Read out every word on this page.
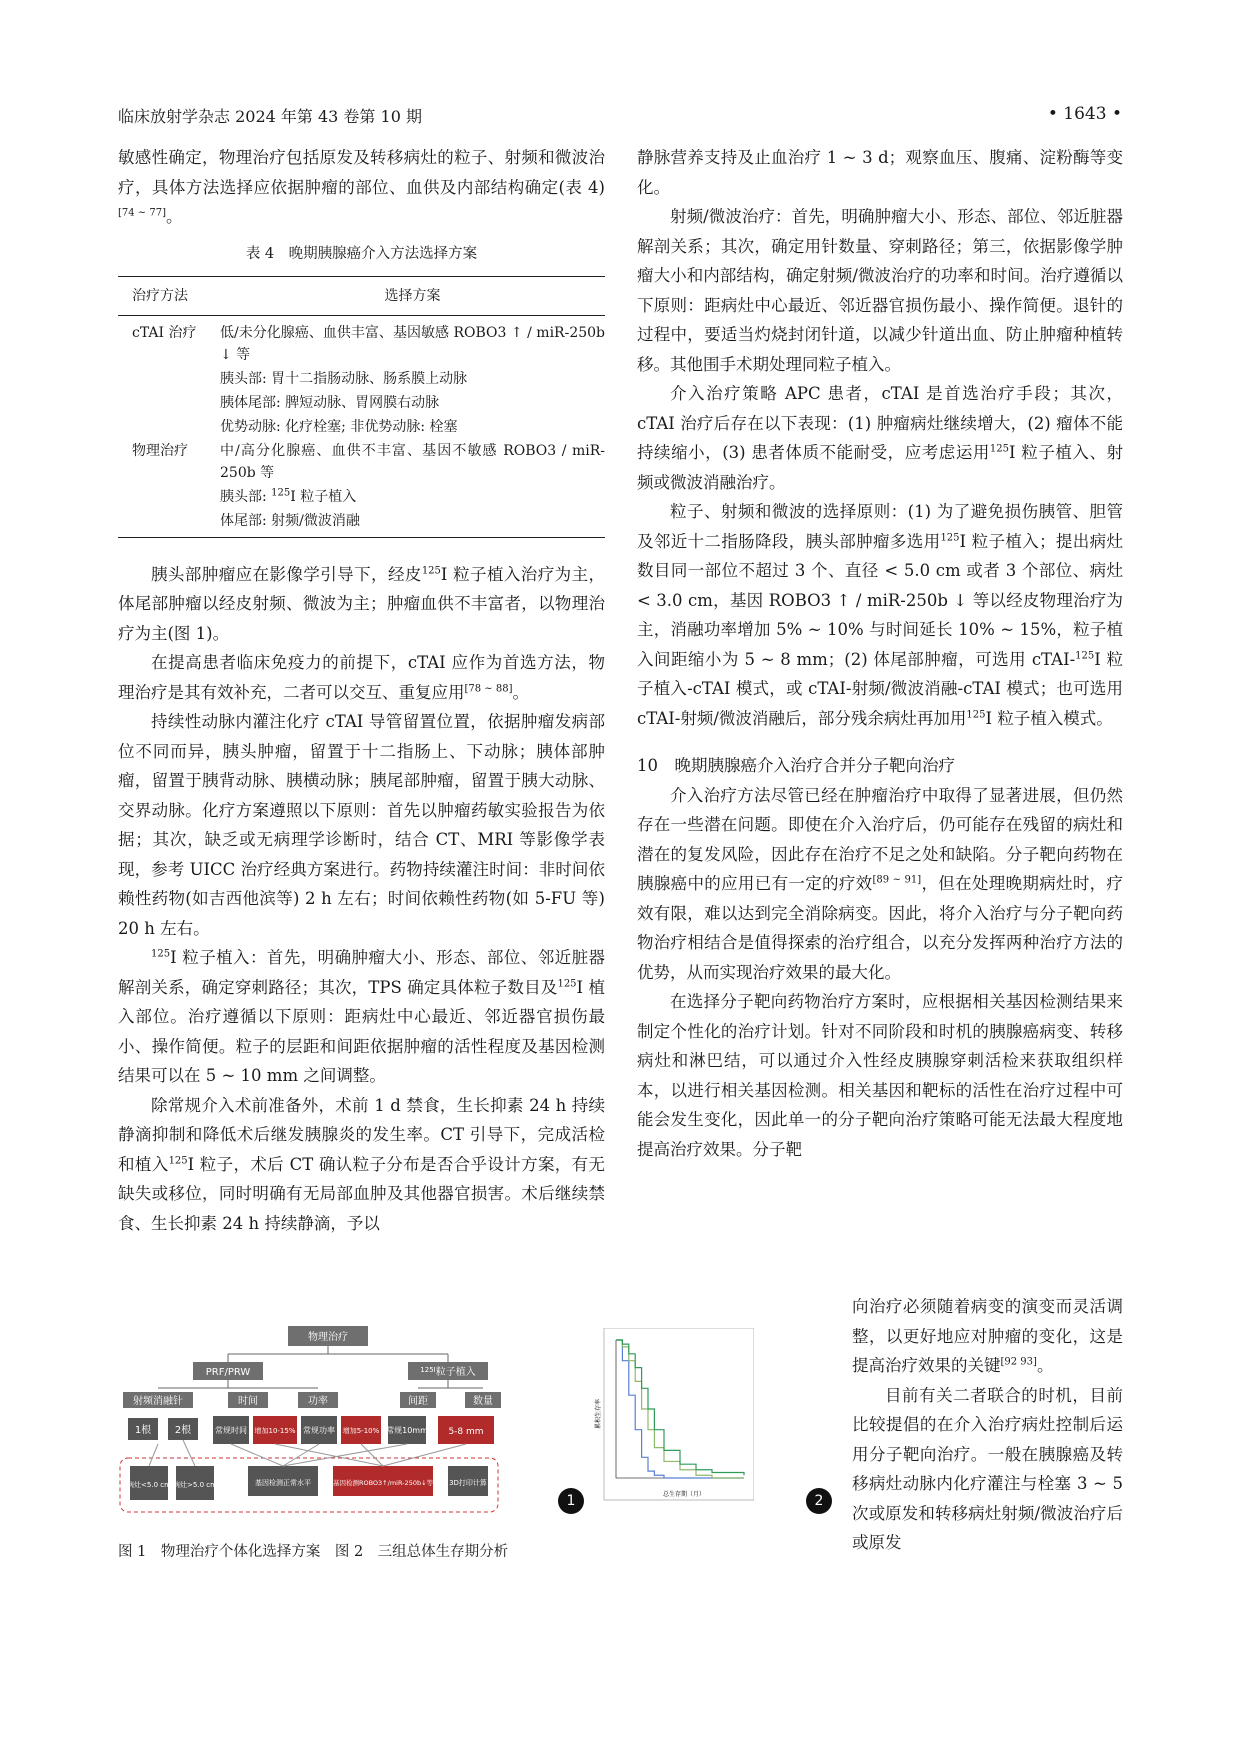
临床放射学杂志 2024 年第 43 卷第 10 期	• 1643 •

敏感性确定，物理治疗包括原发及转移病灶的粒子、射频和微波治疗，具体方法选择应依据肿瘤的部位、血供及内部结构确定(表 4)[74 ~ 77]。

表 4　晚期胰腺癌介入方法选择方案
治疗方法	选择方案
cTAI 治疗	低/未分化腺癌、血供丰富、基因敏感 ROBO3 ↑ / miR-250b ↓ 等
	胰头部: 胃十二指肠动脉、肠系膜上动脉
	胰体尾部: 脾短动脉、胃网膜右动脉
	优势动脉: 化疗栓塞; 非优势动脉: 栓塞
物理治疗	中/高分化腺癌、血供不丰富、基因不敏感 ROBO3 / miR-250b 等
	胰头部: $^{125}$I 粒子植入
	体尾部: 射频/微波消融

胰头部肿瘤应在影像学引导下，经皮$^{125}$I 粒子植入治疗为主，体尾部肿瘤以经皮射频、微波为主；肿瘤血供不丰富者，以物理治疗为主(图 1)。

在提高患者临床免疫力的前提下，cTAI 应作为首选方法，物理治疗是其有效补充，二者可以交互、重复应用[78 ~ 88]。

持续性动脉内灌注化疗 cTAI 导管留置位置，依据肿瘤发病部位不同而异，胰头肿瘤，留置于十二指肠上、下动脉；胰体部肿瘤，留置于胰背动脉、胰横动脉；胰尾部肿瘤，留置于胰大动脉、交界动脉。化疗方案遵照以下原则：首先以肿瘤药敏实验报告为依据；其次，缺乏或无病理学诊断时，结合 CT、MRI 等影像学表现，参考 UICC 治疗经典方案进行。药物持续灌注时间：非时间依赖性药物(如吉西他滨等) 2 h 左右；时间依赖性药物(如 5-FU 等) 20 h 左右。

$^{125}$I 粒子植入：首先，明确肿瘤大小、形态、部位、邻近脏器解剖关系，确定穿刺路径；其次，TPS 确定具体粒子数目及$^{125}$I 植入部位。治疗遵循以下原则：距病灶中心最近、邻近器官损伤最小、操作简便。粒子的层距和间距依据肿瘤的活性程度及基因检测结果可以在 5 ~ 10 mm 之间调整。

除常规介入术前准备外，术前 1 d 禁食，生长抑素 24 h 持续静滴抑制和降低术后继发胰腺炎的发生率。CT 引导下，完成活检和植入$^{125}$I 粒子，术后 CT 确认粒子分布是否合乎设计方案，有无缺失或移位，同时明确有无局部血肿及其他器官损害。术后继续禁食、生长抑素 24 h 持续静滴，予以

静脉营养支持及止血治疗 1 ~ 3 d；观察血压、腹痛、淀粉酶等变化。

射频/微波治疗：首先，明确肿瘤大小、形态、部位、邻近脏器解剖关系；其次，确定用针数量、穿刺路径；第三，依据影像学肿瘤大小和内部结构，确定射频/微波治疗的功率和时间。治疗遵循以下原则：距病灶中心最近、邻近器官损伤最小、操作简便。退针的过程中，要适当灼烧封闭针道，以减少针道出血、防止肿瘤种植转移。其他围手术期处理同粒子植入。

介入治疗策略 APC 患者，cTAI 是首选治疗手段；其次，cTAI 治疗后存在以下表现：(1) 肿瘤病灶继续增大，(2) 瘤体不能持续缩小，(3) 患者体质不能耐受，应考虑运用$^{125}$I 粒子植入、射频或微波消融治疗。

粒子、射频和微波的选择原则：(1) 为了避免损伤胰管、胆管及邻近十二指肠降段，胰头部肿瘤多选用$^{125}$I 粒子植入；提出病灶数目同一部位不超过 3 个、直径 < 5.0 cm 或者 3 个部位、病灶 < 3.0 cm，基因 ROBO3 ↑ / miR-250b ↓ 等以经皮物理治疗为主，消融功率增加 5% ~ 10% 与时间延长 10% ~ 15%，粒子植入间距缩小为 5 ~ 8 mm；(2) 体尾部肿瘤，可选用 cTAI-$^{125}$I 粒子植入-cTAI 模式，或 cTAI-射频/微波消融-cTAI 模式；也可选用 cTAI-射频/微波消融后，部分残余病灶再加用$^{125}$I 粒子植入模式。

10　晚期胰腺癌介入治疗合并分子靶向治疗

介入治疗方法尽管已经在肿瘤治疗中取得了显著进展，但仍然存在一些潜在问题。即使在介入治疗后，仍可能存在残留的病灶和潜在的复发风险，因此存在治疗不足之处和缺陷。分子靶向药物在胰腺癌中的应用已有一定的疗效[89 ~ 91]，但在处理晚期病灶时，疗效有限，难以达到完全消除病变。因此，将介入治疗与分子靶向药物治疗相结合是值得探索的治疗组合，以充分发挥两种治疗方法的优势，从而实现治疗效果的最大化。

在选择分子靶向药物治疗方案时，应根据相关基因检测结果来制定个性化的治疗计划。针对不同阶段和时机的胰腺癌病变、转移病灶和淋巴结，可以通过介入性经皮胰腺穿刺活检来获取组织样本，以进行相关基因检测。相关基因和靶标的活性在治疗过程中可能会发生变化，因此单一的分子靶向治疗策略可能无法最大程度地提高治疗效果。分子靶

向治疗必须随着病变的演变而灵活调整，以更好地应对肿瘤的变化，这是提高治疗效果的关键[92 93]。

目前有关二者联合的时机，目前比较提倡的在介入治疗病灶控制后运用分子靶向治疗。一般在胰腺癌及转移病灶动脉内化疗灌注与栓塞 3 ~ 5 次或原发和转移病灶射频/微波治疗后或原发

物理治疗
PRF/PRW	$^{125I}$粒子植入
射频消融针	时间	功率	间距	数量
1根 2根	常规时间 增加10-15% 常规功率 增加5-10% 常规10mm 5-8 mm
病灶<5.0 cm 病灶>5.0 cm	基因检测正常水平	基因检测ROBO3↑/miR-250b↓等 3D打印计算
1	总生存期（月）
累积生存率
2
图 1　物理治疗个体化选择方案　图 2　三组总体生存期分析
